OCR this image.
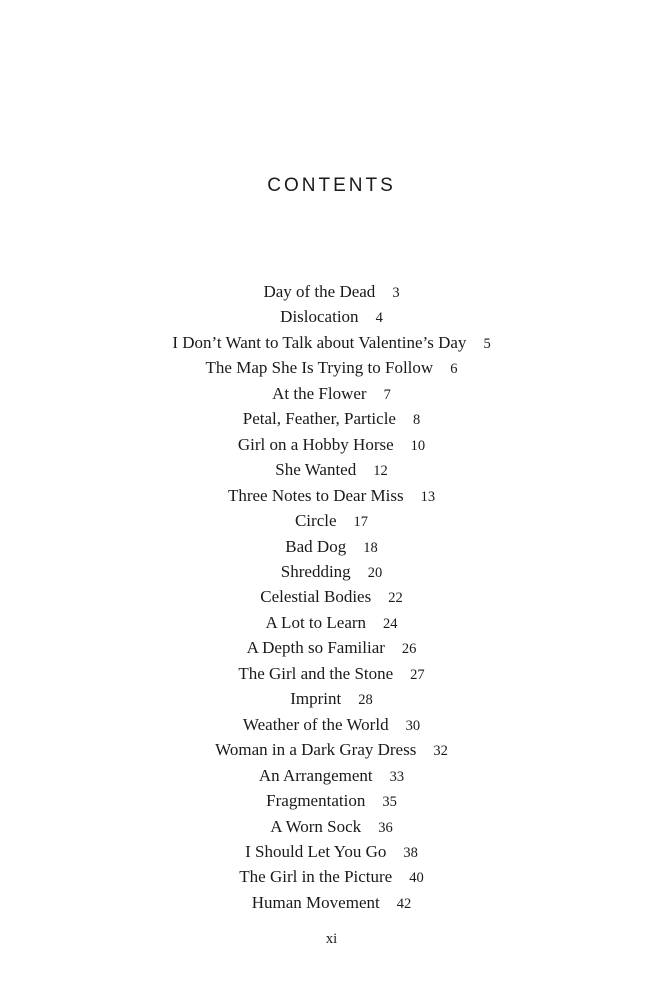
CONTENTS
Day of the Dead 3
Dislocation 4
I Don’t Want to Talk about Valentine’s Day 5
The Map She Is Trying to Follow 6
At the Flower 7
Petal, Feather, Particle 8
Girl on a Hobby Horse 10
She Wanted 12
Three Notes to Dear Miss 13
Circle 17
Bad Dog 18
Shredding 20
Celestial Bodies 22
A Lot to Learn 24
A Depth so Familiar 26
The Girl and the Stone 27
Imprint 28
Weather of the World 30
Woman in a Dark Gray Dress 32
An Arrangement 33
Fragmentation 35
A Worn Sock 36
I Should Let You Go 38
The Girl in the Picture 40
Human Movement 42
xi
